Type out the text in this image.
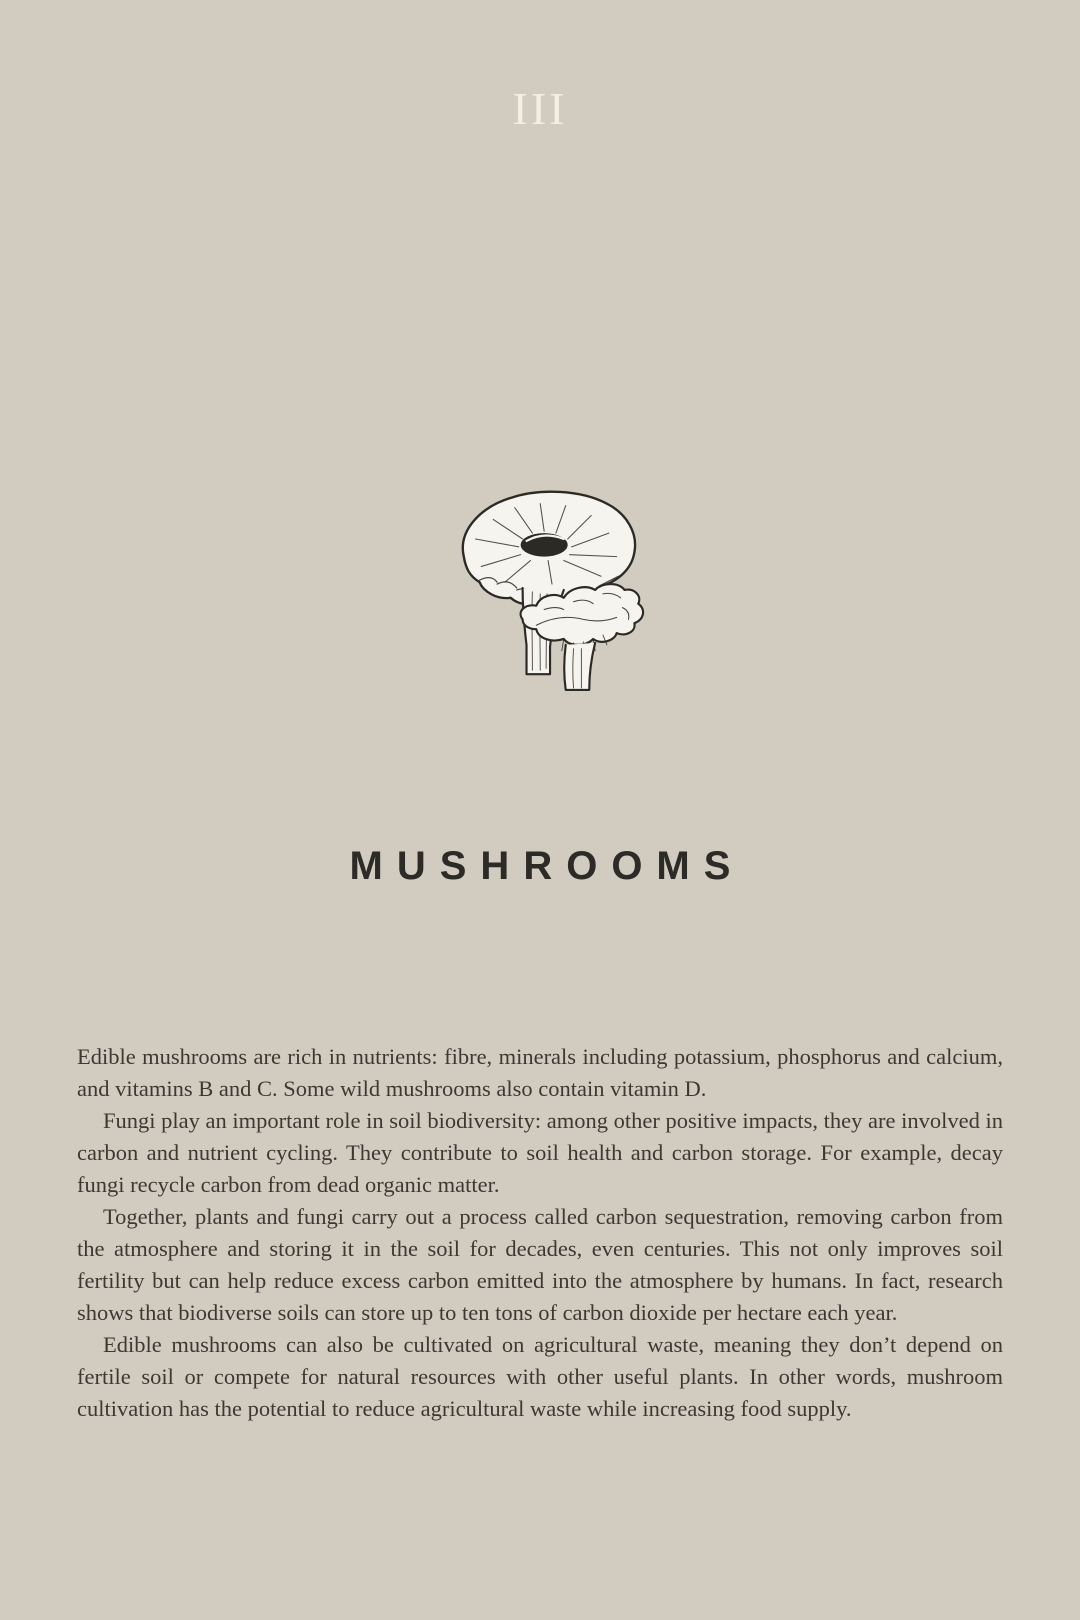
III
MUSHROOMS

Edible mushrooms are rich in nutrients: fibre, minerals including potassium, phosphorus and calcium, and vitamins B and C. Some wild mushrooms also contain vitamin D.

Fungi play an important role in soil biodiversity: among other positive impacts, they are involved in carbon and nutrient cycling. They contribute to soil health and carbon storage. For example, decay fungi recycle carbon from dead organic matter.

Together, plants and fungi carry out a process called carbon sequestration, removing carbon from the atmosphere and storing it in the soil for decades, even centuries. This not only improves soil fertility but can help reduce excess carbon emitted into the atmosphere by humans. In fact, research shows that biodiverse soils can store up to ten tons of carbon dioxide per hectare each year.

Edible mushrooms can also be cultivated on agricultural waste, meaning they don’t depend on fertile soil or compete for natural resources with other useful plants. In other words, mushroom cultivation has the potential to reduce agricultural waste while increasing food supply.
